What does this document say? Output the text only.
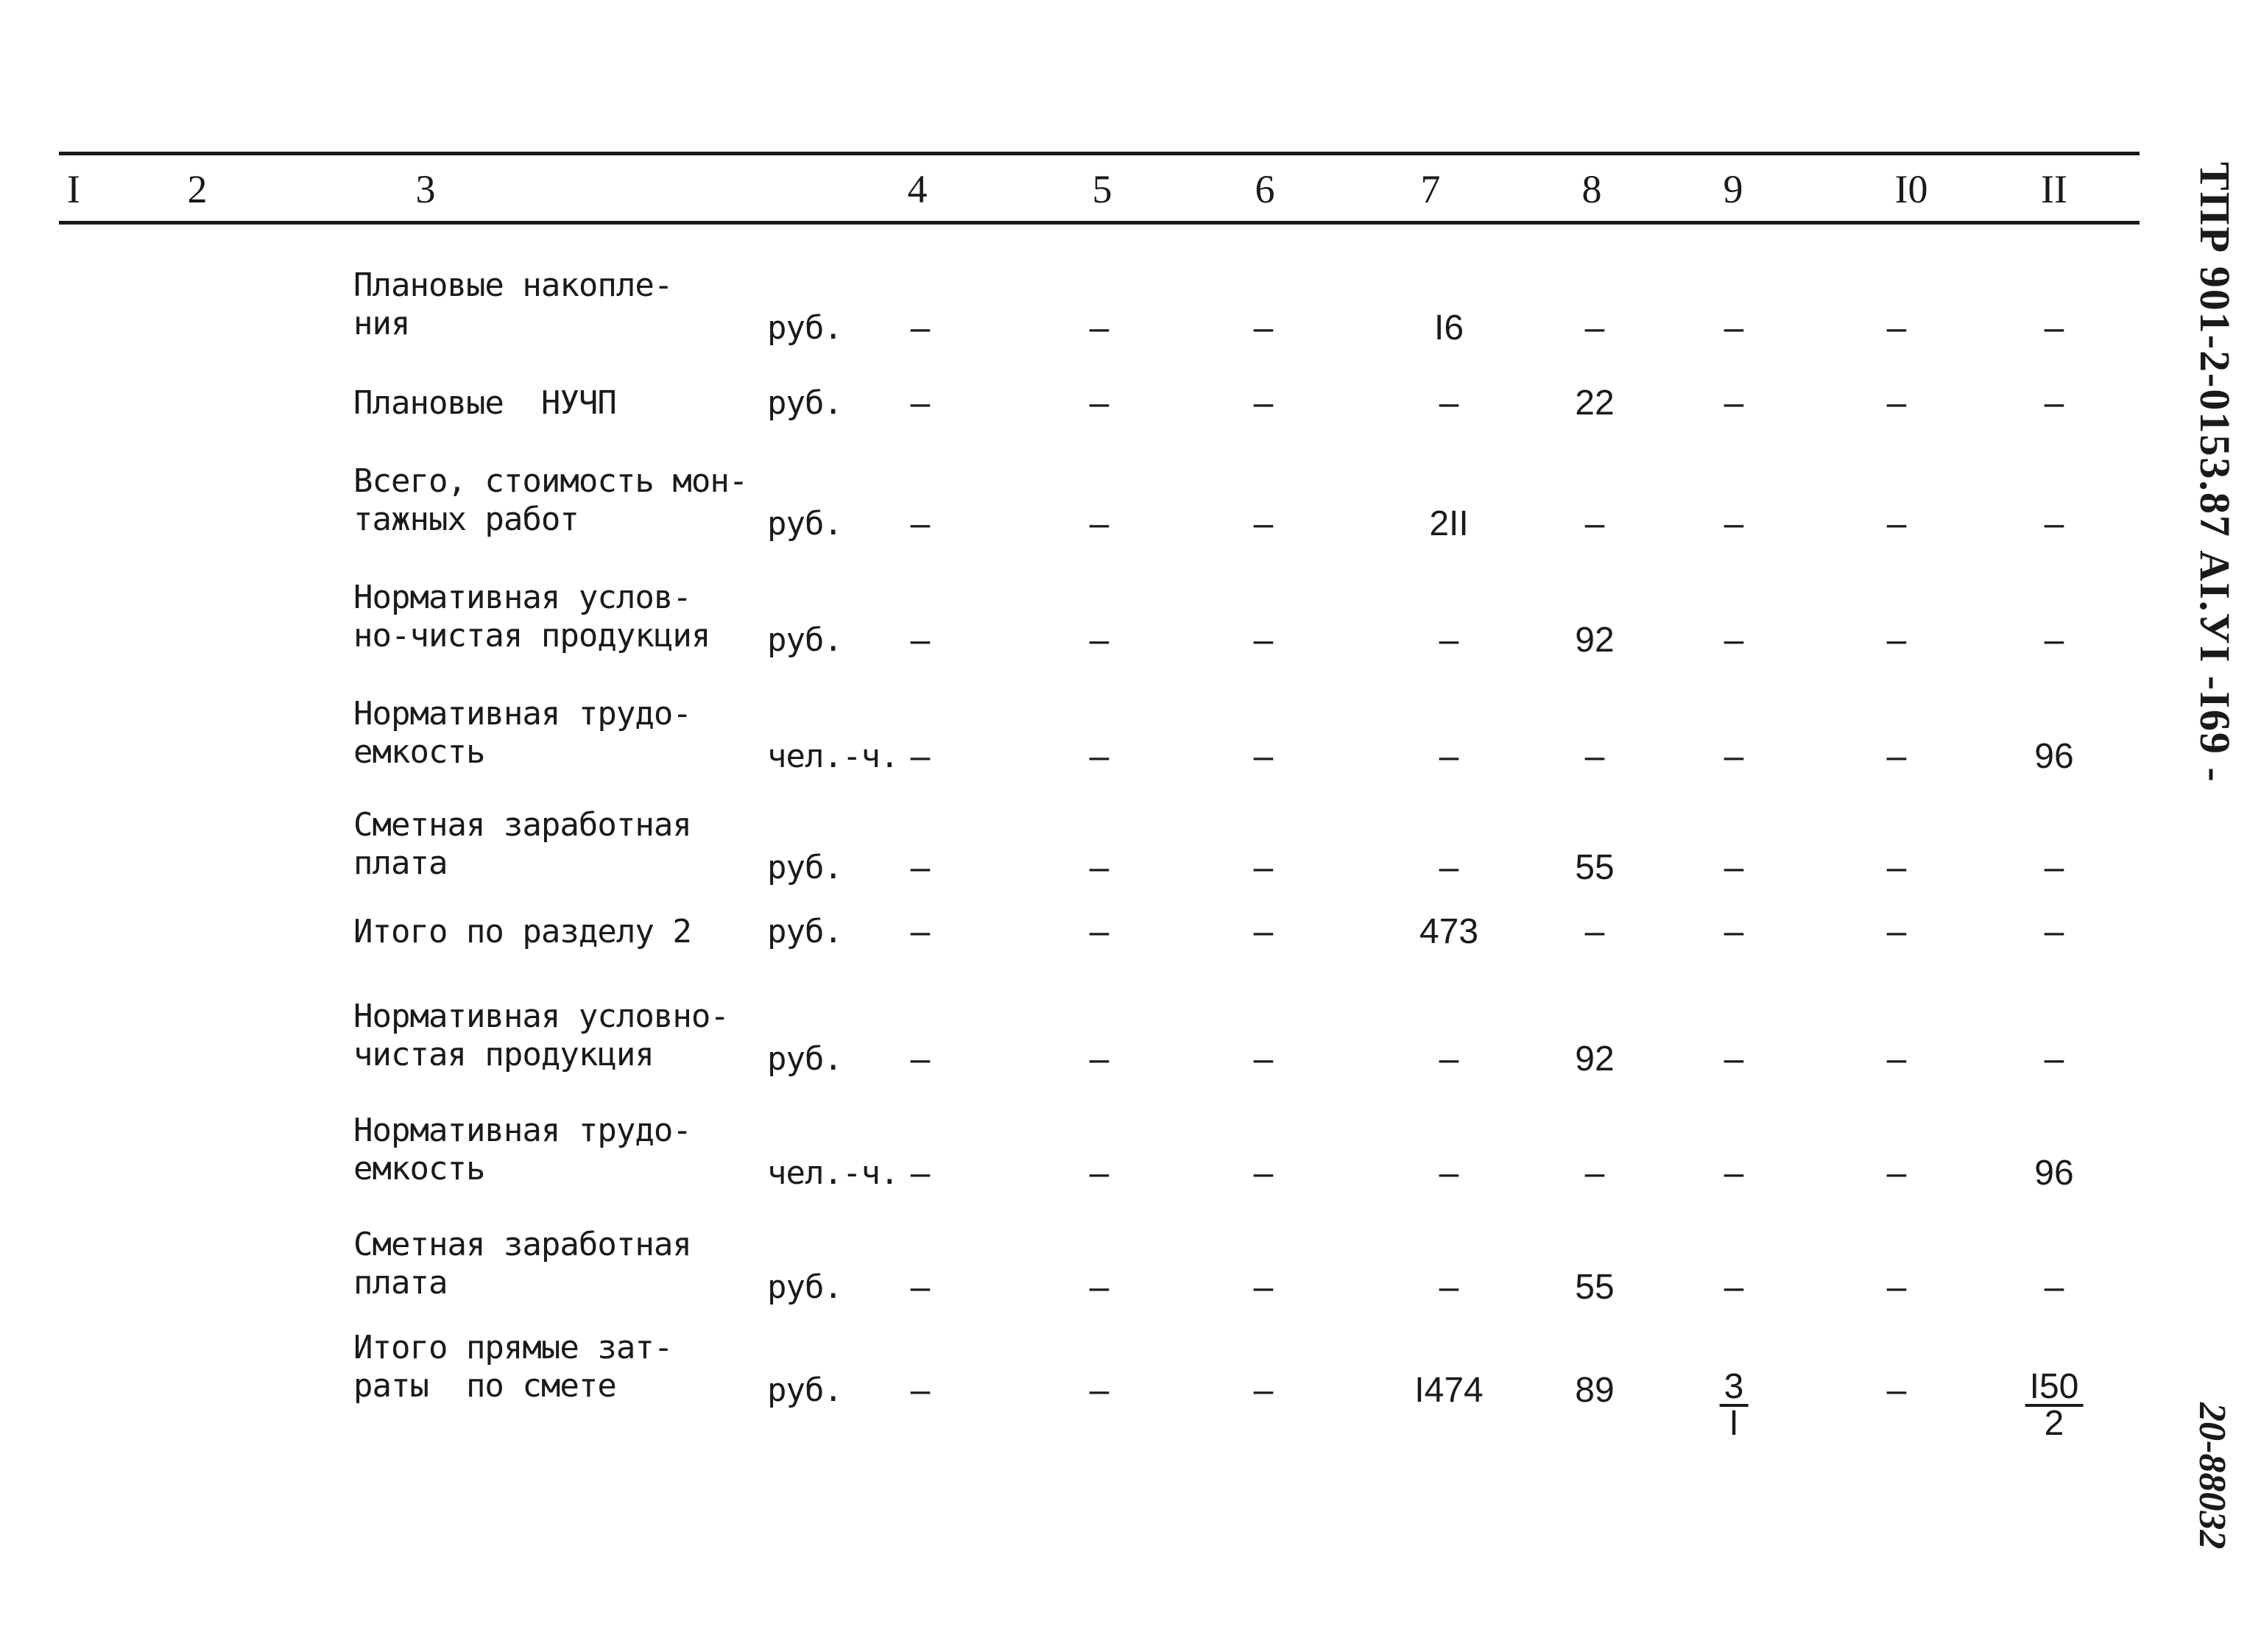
I	2	3	4	5	6	7	8	9	I0	II
Плановые накопле-
ния	руб. –	–	–	I6	–	–	–	–
Плановые  НУЧП	руб. –	–	–	–	22	–	–	–
Всего, стоимость мон-
тажных работ	руб. –	–	–	2II	–	–	–	–
Нормативная услов-
но-чистая продукция руб. –	–	–	–	92	–	–	–
Нормативная трудо-
емкость	чел.-ч. –	–	–	–	–	–	–	96
Сметная заработная
плата	руб. –	–	–	–	55	–	–	–
Итого по разделу 2 руб. –	–	–	473	–	–	–	–
Нормативная условно-
чистая продукция	руб. –	–	–	–	92	–	–	–
Нормативная трудо-
емкость	чел.-ч. –	–	–	–	–	–	–	96
Сметная заработная
плата	руб. –	–	–	–	55	–	–	–
Итого прямые зат-
раты  по смете	руб. –	–	–	I474	89	$\frac{3}{I}$	–	$\frac{I50}{2}$
ТПР 901-2-0153.87 АI.УI -I69 -
20-88032
